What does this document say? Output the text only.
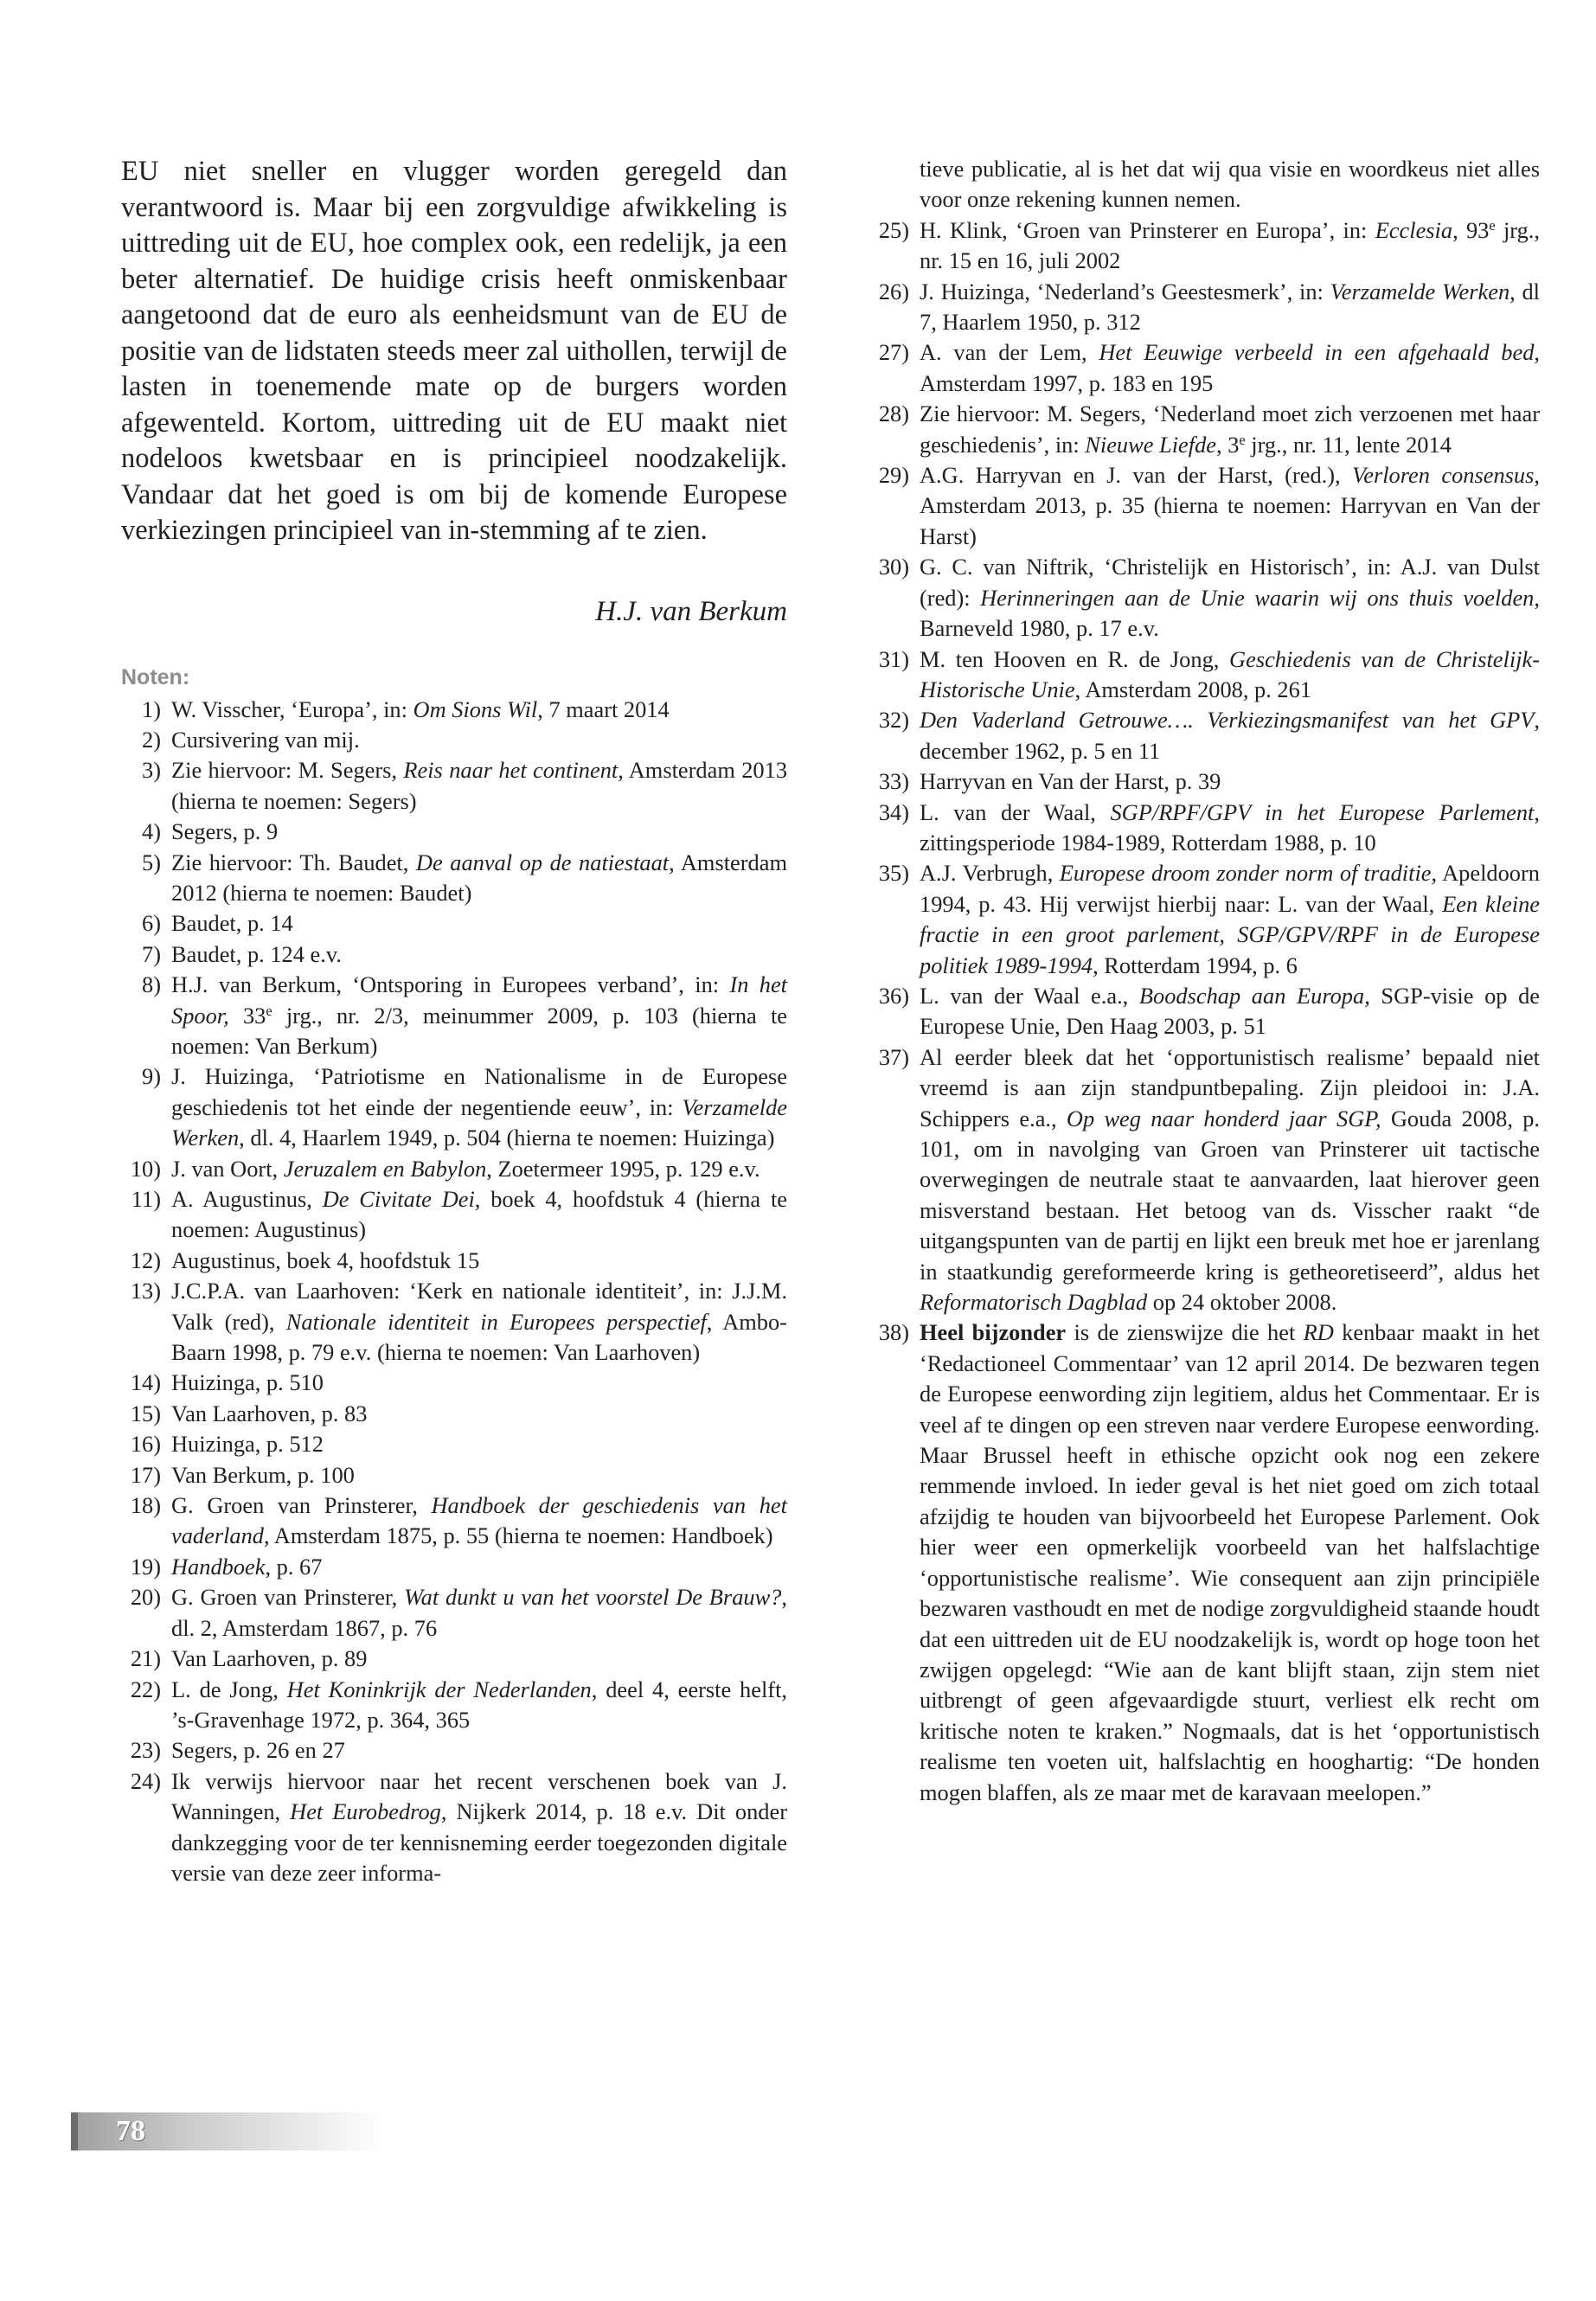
EU niet sneller en vlugger worden geregeld dan verantwoord is. Maar bij een zorgvuldige afwikkeling is uittreding uit de EU, hoe complex ook, een redelijk, ja een beter alternatief. De huidige crisis heeft onmiskenbaar aangetoond dat de euro als eenheidsmunt van de EU de positie van de lidstaten steeds meer zal uithollen, terwijl de lasten in toenemende mate op de burgers worden afgewenteld. Kortom, uittreding uit de EU maakt niet nodeloos kwetsbaar en is principieel noodzakelijk. Vandaar dat het goed is om bij de komende Europese verkiezingen principieel van in-stemming af te zien.

H.J. van Berkum

Noten:
1) W. Visscher, ‘Europa’, in: Om Sions Wil, 7 maart 2014
2) Cursivering van mij.
3) Zie hiervoor: M. Segers, Reis naar het continent, Amsterdam 2013 (hierna te noemen: Segers)
4) Segers, p. 9
5) Zie hiervoor: Th. Baudet, De aanval op de natiestaat, Amsterdam 2012 (hierna te noemen: Baudet)
6) Baudet, p. 14
7) Baudet, p. 124 e.v.
8) H.J. van Berkum, ‘Ontsporing in Europees verband’, in: In het Spoor, 33e jrg., nr. 2/3, meinummer 2009, p. 103 (hierna te noemen: Van Berkum)
9) J. Huizinga, ‘Patriotisme en Nationalisme in de Europese geschiedenis tot het einde der negentiende eeuw’, in: Verzamelde Werken, dl. 4, Haarlem 1949, p. 504 (hierna te noemen: Huizinga)
10) J. van Oort, Jeruzalem en Babylon, Zoetermeer 1995, p. 129 e.v.
11) A. Augustinus, De Civitate Dei, boek 4, hoofdstuk 4 (hierna te noemen: Augustinus)
12) Augustinus, boek 4, hoofdstuk 15
13) J.C.P.A. van Laarhoven: ‘Kerk en nationale identiteit’, in: J.J.M. Valk (red), Nationale identiteit in Europees perspectief, Ambo-Baarn 1998, p. 79 e.v. (hierna te noemen: Van Laarhoven)
14) Huizinga, p. 510
15) Van Laarhoven, p. 83
16) Huizinga, p. 512
17) Van Berkum, p. 100
18) G. Groen van Prinsterer, Handboek der geschiedenis van het vaderland, Amsterdam 1875, p. 55 (hierna te noemen: Handboek)
19) Handboek, p. 67
20) G. Groen van Prinsterer, Wat dunkt u van het voorstel De Brauw?, dl. 2, Amsterdam 1867, p. 76
21) Van Laarhoven, p. 89
22) L. de Jong, Het Koninkrijk der Nederlanden, deel 4, eerste helft, ’s-Gravenhage 1972, p. 364, 365
23) Segers, p. 26 en 27
24) Ik verwijs hiervoor naar het recent verschenen boek van J. Wanningen, Het Eurobedrog, Nijkerk 2014, p. 18 e.v. Dit onder dankzegging voor de ter kennisneming eerder toegezonden digitale versie van deze zeer informa-
tieve publicatie, al is het dat wij qua visie en woordkeus niet alles voor onze rekening kunnen nemen.
25) H. Klink, ‘Groen van Prinsterer en Europa’, in: Ecclesia, 93e jrg., nr. 15 en 16, juli 2002
26) J. Huizinga, ‘Nederland’s Geestesmerk’, in: Verzamelde Werken, dl 7, Haarlem 1950, p. 312
27) A. van der Lem, Het Eeuwige verbeeld in een afgehaald bed, Amsterdam 1997, p. 183 en 195
28) Zie hiervoor: M. Segers, ‘Nederland moet zich verzoenen met haar geschiedenis’, in: Nieuwe Liefde, 3e jrg., nr. 11, lente 2014
29) A.G. Harryvan en J. van der Harst, (red.), Verloren consensus, Amsterdam 2013, p. 35 (hierna te noemen: Harryvan en Van der Harst)
30) G. C. van Niftrik, ‘Christelijk en Historisch’, in: A.J. van Dulst (red): Herinneringen aan de Unie waarin wij ons thuis voelden, Barneveld 1980, p. 17 e.v.
31) M. ten Hooven en R. de Jong, Geschiedenis van de Christelijk-Historische Unie, Amsterdam 2008, p. 261
32) Den Vaderland Getrouwe…. Verkiezingsmanifest van het GPV, december 1962, p. 5 en 11
33) Harryvan en Van der Harst, p. 39
34) L. van der Waal, SGP/RPF/GPV in het Europese Parlement, zittingsperiode 1984-1989, Rotterdam 1988, p. 10
35) A.J. Verbrugh, Europese droom zonder norm of traditie, Apeldoorn 1994, p. 43. Hij verwijst hierbij naar: L. van der Waal, Een kleine fractie in een groot parlement, SGP/GPV/RPF in de Europese politiek 1989-1994, Rotterdam 1994, p. 6
36) L. van der Waal e.a., Boodschap aan Europa, SGP-visie op de Europese Unie, Den Haag 2003, p. 51
37) Al eerder bleek dat het ‘opportunistisch realisme’ bepaald niet vreemd is aan zijn standpuntbepaling. Zijn pleidooi in: J.A. Schippers e.a., Op weg naar honderd jaar SGP, Gouda 2008, p. 101, om in navolging van Groen van Prinsterer uit tactische overwegingen de neutrale staat te aanvaarden, laat hierover geen misverstand bestaan. Het betoog van ds. Visscher raakt “de uitgangspunten van de partij en lijkt een breuk met hoe er jarenlang in staatkundig gereformeerde kring is getheoretiseerd”, aldus het Reformatorisch Dagblad op 24 oktober 2008.
38) Heel bijzonder is de zienswijze die het RD kenbaar maakt in het ‘Redactioneel Commentaar’ van 12 april 2014. De bezwaren tegen de Europese eenwording zijn legitiem, aldus het Commentaar. Er is veel af te dingen op een streven naar verdere Europese eenwording. Maar Brussel heeft in ethische opzicht ook nog een zekere remmende invloed. In ieder geval is het niet goed om zich totaal afzijdig te houden van bijvoorbeeld het Europese Parlement. Ook hier weer een opmerkelijk voorbeeld van het halfslachtige ‘opportunistische realisme’. Wie consequent aan zijn principiële bezwaren vasthoudt en met de nodige zorgvuldigheid staande houdt dat een uittreden uit de EU noodzakelijk is, wordt op hoge toon het zwijgen opgelegd: “Wie aan de kant blijft staan, zijn stem niet uitbrengt of geen afgevaardigde stuurt, verliest elk recht om kritische noten te kraken.” Nogmaals, dat is het ‘opportunistisch realisme ten voeten uit, halfslachtig en hooghartig: “De honden mogen blaffen, als ze maar met de karavaan meelopen.”
78
